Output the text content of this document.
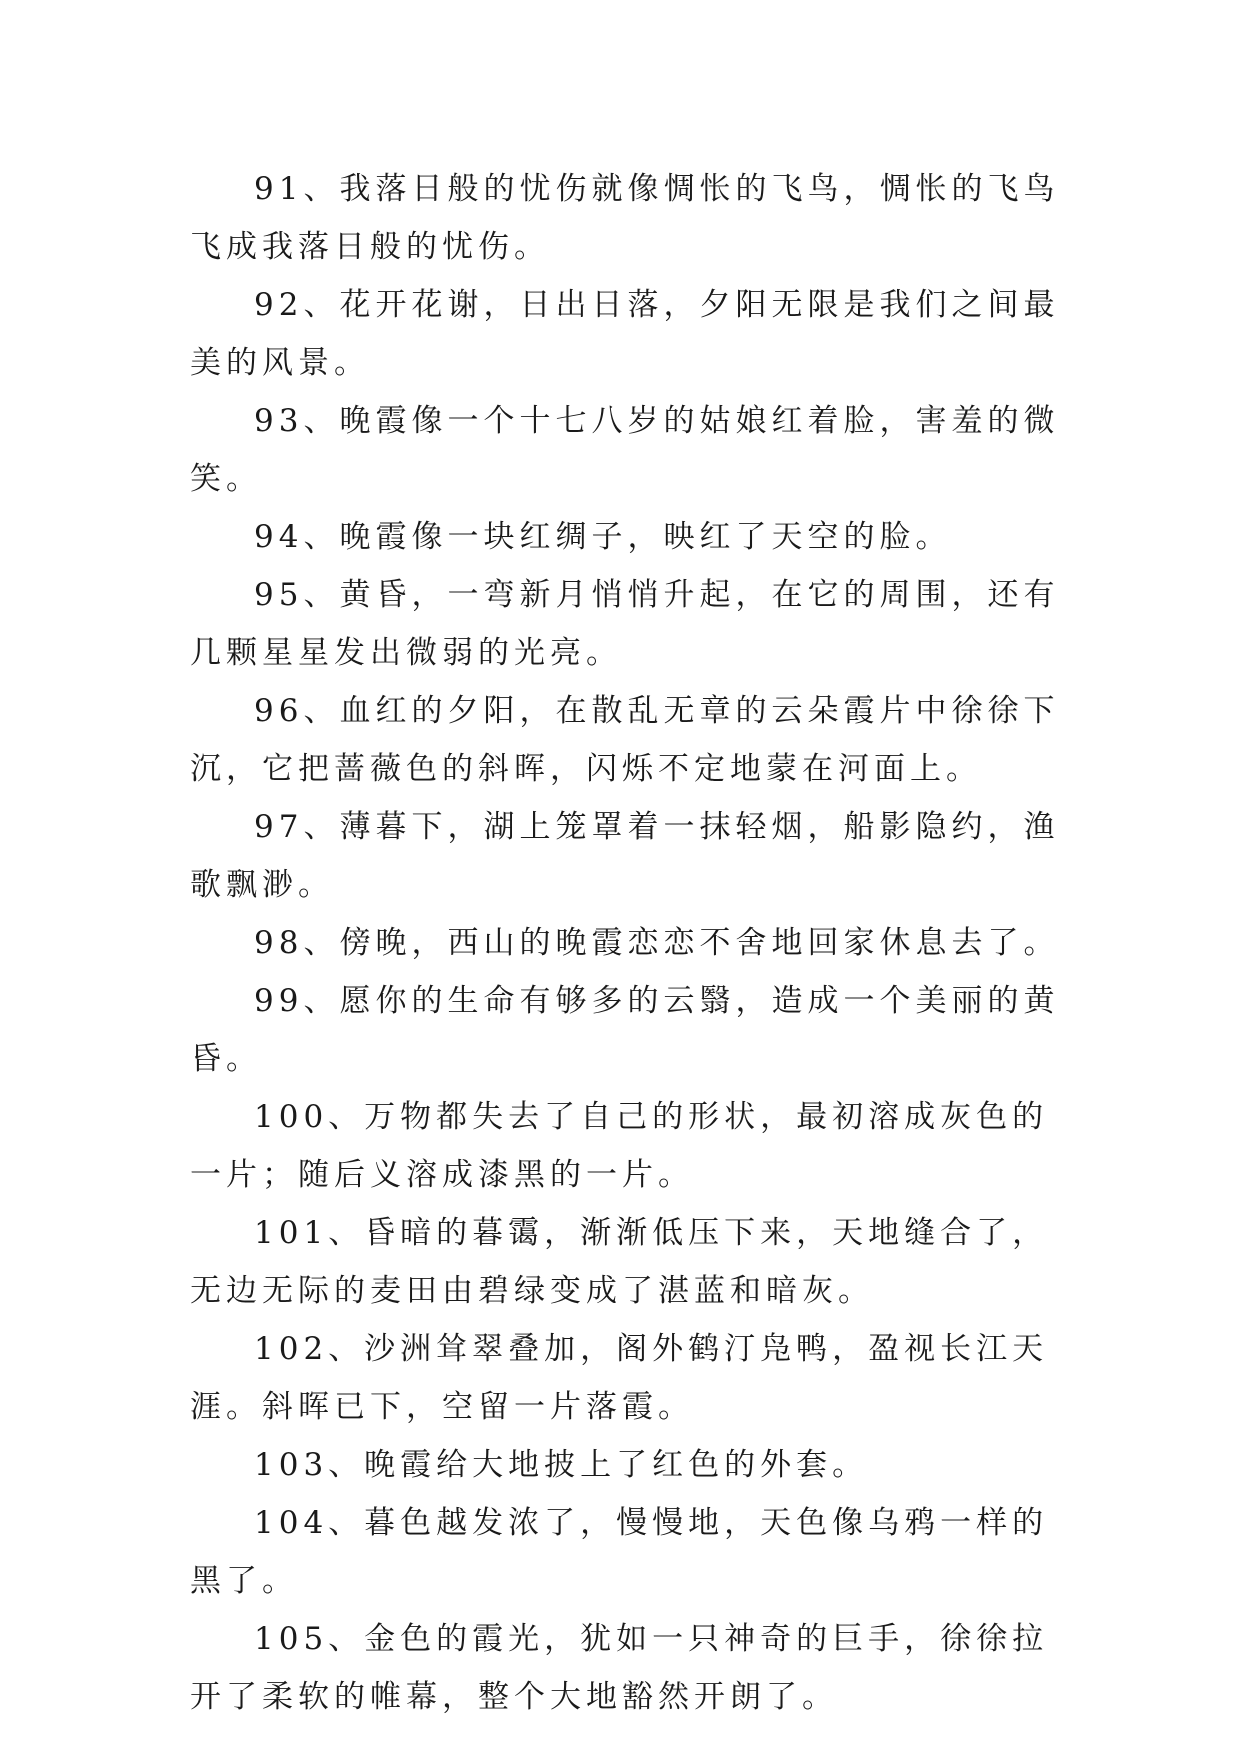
91、我落日般的忧伤就像惆怅的飞鸟，惆怅的飞鸟飞成我落日般的忧伤。

92、花开花谢，日出日落，夕阳无限是我们之间最美的风景。

93、晚霞像一个十七八岁的姑娘红着脸，害羞的微笑。

94、晚霞像一块红绸子，映红了天空的脸。

95、黄昏，一弯新月悄悄升起，在它的周围，还有几颗星星发出微弱的光亮。

96、血红的夕阳，在散乱无章的云朵霞片中徐徐下沉，它把蔷薇色的斜晖，闪烁不定地蒙在河面上。

97、薄暮下，湖上笼罩着一抹轻烟，船影隐约，渔歌飘渺。

98、傍晚，西山的晚霞恋恋不舍地回家休息去了。

99、愿你的生命有够多的云翳，造成一个美丽的黄昏。

100、万物都失去了自己的形状，最初溶成灰色的一片；随后义溶成漆黑的一片。

101、昏暗的暮霭，渐渐低压下来，天地缝合了，无边无际的麦田由碧绿变成了湛蓝和暗灰。

102、沙洲耸翠叠加，阁外鹤汀凫鸭，盈视长江天涯。斜晖已下，空留一片落霞。

103、晚霞给大地披上了红色的外套。

104、暮色越发浓了，慢慢地，天色像乌鸦一样的黑了。

105、金色的霞光，犹如一只神奇的巨手，徐徐拉开了柔软的帷幕，整个大地豁然开朗了。
